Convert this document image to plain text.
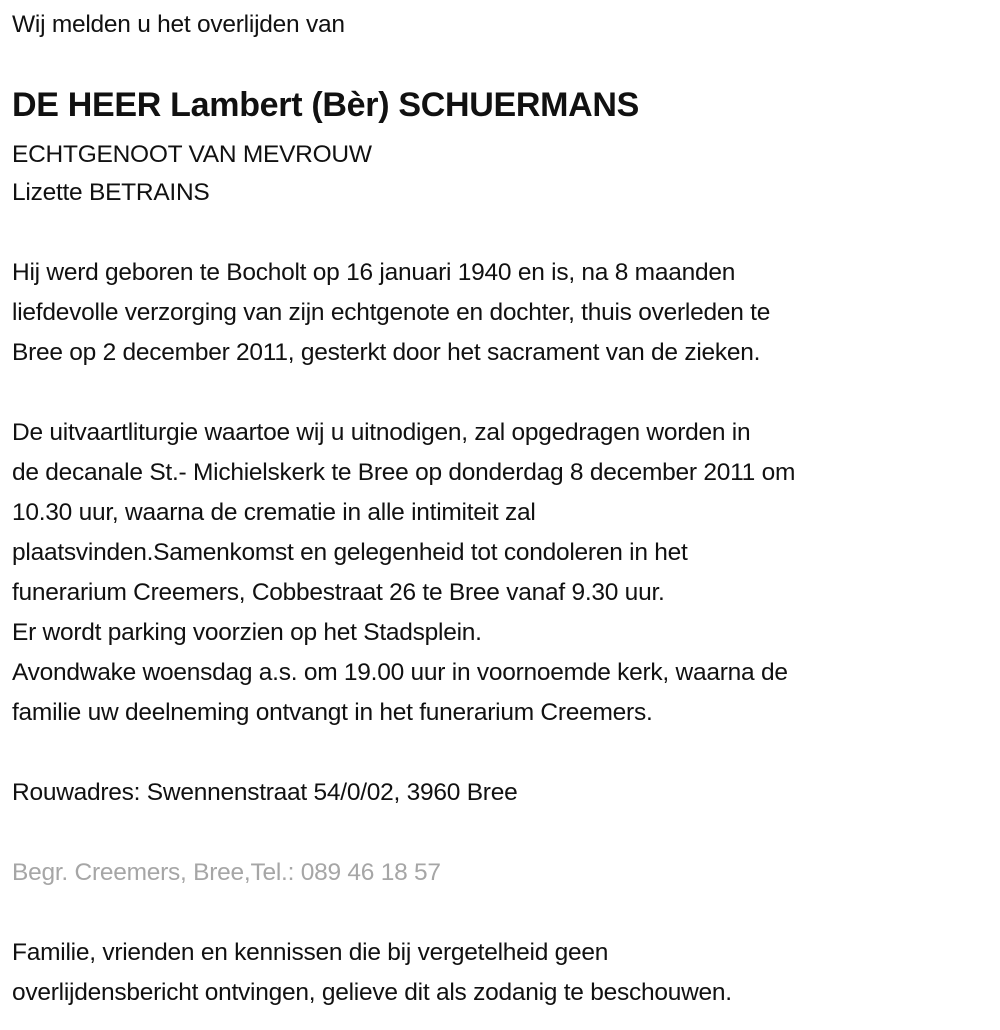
Wij melden u het overlijden van
DE HEER Lambert (Bèr) SCHUERMANS
ECHTGENOOT VAN MEVROUW
Lizette BETRAINS
Hij werd geboren te Bocholt op 16 januari 1940 en is, na 8 maanden
liefdevolle verzorging van zijn echtgenote en dochter, thuis overleden te
Bree op 2 december 2011, gesterkt door het sacrament van de zieken.
De uitvaartliturgie waartoe wij u uitnodigen, zal opgedragen worden in
de decanale St.- Michielskerk te Bree op donderdag 8 december 2011 om
10.30 uur, waarna de crematie in alle intimiteit zal
plaatsvinden.Samenkomst en gelegenheid tot condoleren in het
funerarium Creemers, Cobbestraat 26 te Bree vanaf 9.30 uur.
Er wordt parking voorzien op het Stadsplein.
Avondwake woensdag a.s. om 19.00 uur in voornoemde kerk, waarna de
familie uw deelneming ontvangt in het funerarium Creemers.
Rouwadres: Swennenstraat 54/0/02, 3960 Bree
Begr. Creemers, Bree,Tel.: 089 46 18 57
Familie, vrienden en kennissen die bij vergetelheid geen
overlijdensbericht ontvingen, gelieve dit als zodanig te beschouwen.
